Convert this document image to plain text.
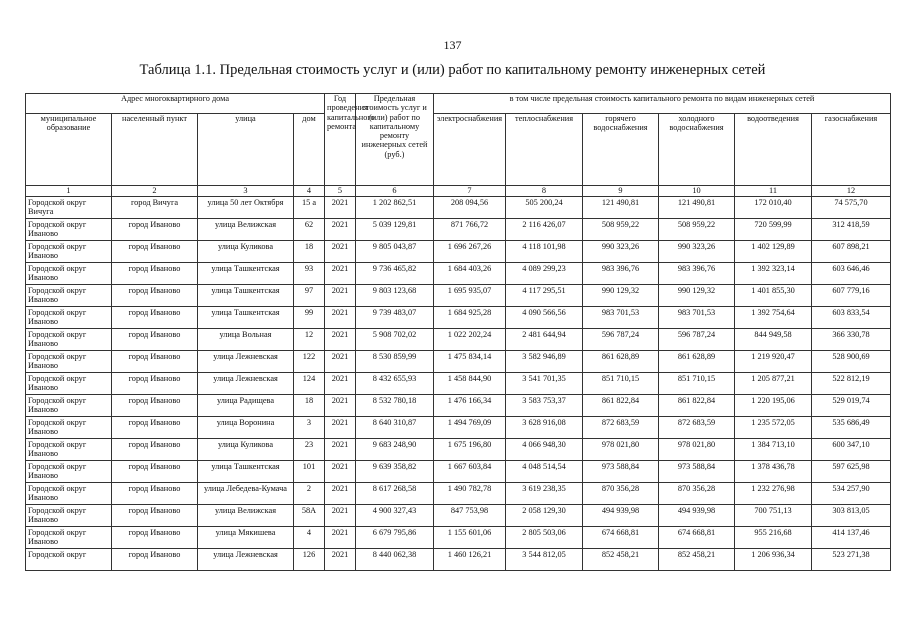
137
Таблица 1.1. Предельная стоимость услуг и (или) работ по капитальному ремонту инженерных сетей
Адрес многоквартирного дома				Год проведения капитального ремонта	Предельная стоимость услуг и (или) работ по капитальному ремонту инженерных сетей (руб.)	в том числе предельная стоимость капитального ремонта по видам инженерных сетей					
муниципальное образование	населенный пункт	улица	дом			электроснабжения	теплоснабжения	горячего водоснабжения	холодного водоснабжения	водоотведения	газоснабжения
1	2	3	4	5	6	7	8	9	10	11	12
Городской округ Вичуга	город Вичуга	улица 50 лет Октября	15 а	2021	1 202 862,51	208 094,56	505 200,24	121 490,81	121 490,81	172 010,40	74 575,70
Городской округ Иваново	город Иваново	улица Велижская	62	2021	5 039 129,81	871 766,72	2 116 426,07	508 959,22	508 959,22	720 599,99	312 418,59
Городской округ Иваново	город Иваново	улица Куликова	18	2021	9 805 043,87	1 696 267,26	4 118 101,98	990 323,26	990 323,26	1 402 129,89	607 898,21
Городской округ Иваново	город Иваново	улица Ташкентская	93	2021	9 736 465,82	1 684 403,26	4 089 299,23	983 396,76	983 396,76	1 392 323,14	603 646,46
Городской округ Иваново	город Иваново	улица Ташкентская	97	2021	9 803 123,68	1 695 935,07	4 117 295,51	990 129,32	990 129,32	1 401 855,30	607 779,16
Городской округ Иваново	город Иваново	улица Ташкентская	99	2021	9 739 483,07	1 684 925,28	4 090 566,56	983 701,53	983 701,53	1 392 754,64	603 833,54
Городской округ Иваново	город Иваново	улица Вольная	12	2021	5 908 702,02	1 022 202,24	2 481 644,94	596 787,24	596 787,24	844 949,58	366 330,78
Городской округ Иваново	город Иваново	улица Лежневская	122	2021	8 530 859,99	1 475 834,14	3 582 946,89	861 628,89	861 628,89	1 219 920,47	528 900,69
Городской округ Иваново	город Иваново	улица Лежневская	124	2021	8 432 655,93	1 458 844,90	3 541 701,35	851 710,15	851 710,15	1 205 877,21	522 812,19
Городской округ Иваново	город Иваново	улица Радищева	18	2021	8 532 780,18	1 476 166,34	3 583 753,37	861 822,84	861 822,84	1 220 195,06	529 019,74
Городской округ Иваново	город Иваново	улица Воронина	3	2021	8 640 310,87	1 494 769,09	3 628 916,08	872 683,59	872 683,59	1 235 572,05	535 686,49
Городской округ Иваново	город Иваново	улица Куликова	23	2021	9 683 248,90	1 675 196,80	4 066 948,30	978 021,80	978 021,80	1 384 713,10	600 347,10
Городской округ Иваново	город Иваново	улица Ташкентская	101	2021	9 639 358,82	1 667 603,84	4 048 514,54	973 588,84	973 588,84	1 378 436,78	597 625,98
Городской округ Иваново	город Иваново	улица Лебедева-Кумача	2	2021	8 617 268,58	1 490 782,78	3 619 238,35	870 356,28	870 356,28	1 232 276,98	534 257,90
Городской округ Иваново	город Иваново	улица Велижская	58А	2021	4 900 327,43	847 753,98	2 058 129,30	494 939,98	494 939,98	700 751,13	303 813,05
Городской округ Иваново	город Иваново	улица Мякишева	4	2021	6 679 795,86	1 155 601,06	2 805 503,06	674 668,81	674 668,81	955 216,68	414 137,46
Городской округ	город Иваново	улица Лежневская	126	2021	8 440 062,38	1 460 126,21	3 544 812,05	852 458,21	852 458,21	1 206 936,34	523 271,38
